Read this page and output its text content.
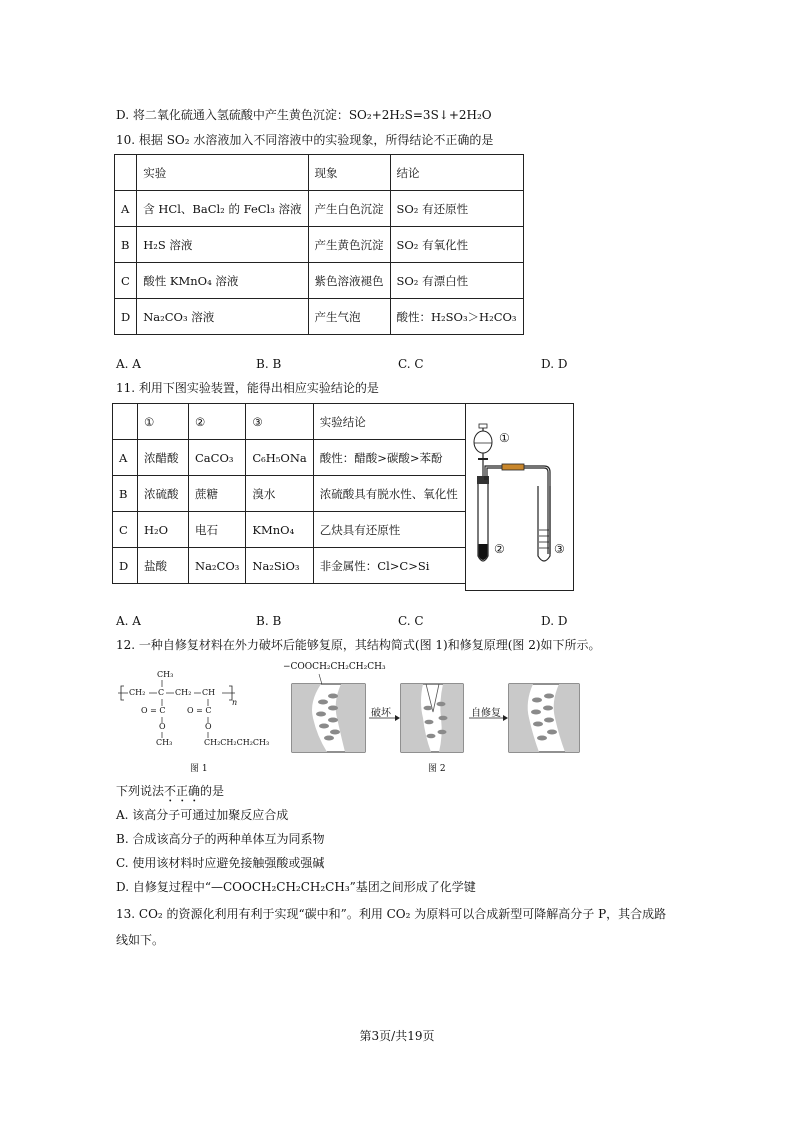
D. 将二氧化硫通入氢硫酸中产生黄色沉淀：SO₂+2H₂S=3S↓+2H₂O
10. 根据 SO₂ 水溶液加入不同溶液中的实验现象，所得结论不正确的是
	实验	现象	结论
A	含 HCl、BaCl₂ 的 FeCl₃ 溶液	产生白色沉淀	SO₂ 有还原性
B	H₂S 溶液	产生黄色沉淀	SO₂ 有氧化性
C	酸性 KMnO₄ 溶液	紫色溶液褪色	SO₂ 有漂白性
D	Na₂CO₃ 溶液	产生气泡	酸性：H₂SO₃＞H₂CO₃
A. A	B. B	C. C	D. D
11. 利用下图实验装置，能得出相应实验结论的是
	①	②	③	实验结论
A	浓醋酸	CaCO₃	C₆H₅ONa	酸性：醋酸>碳酸>苯酚
B	浓硫酸	蔗糖	溴水	浓硫酸具有脱水性、氧化性
C	H₂O	电石	KMnO₄	乙炔具有还原性
D	盐酸	Na₂CO₃	Na₂SiO₃	非金属性：Cl>C>Si
①
②	③
A. A	B. B	C. C	D. D
12. 一种自修复材料在外力破坏后能够复原，其结构简式(图 1)和修复原理(图 2)如下所示。
CH₃
CH₂ C CH₂ CH
n
O = C	O = C
O	O
CH₃	CH₂CH₂CH₂CH₃
图 1
−COOCH₂CH₂CH₂CH₃
破坏	自修复
图 2
下列说法不正确的是
A. 该高分子可通过加聚反应合成
B. 合成该高分子的两种单体互为同系物
C. 使用该材料时应避免接触强酸或强碱
D. 自修复过程中“—COOCH₂CH₂CH₂CH₃”基团之间形成了化学键
13. CO₂ 的资源化利用有利于实现“碳中和”。利用 CO₂ 为原料可以合成新型可降解高分子 P，其合成路
线如下。
第3页/共19页
